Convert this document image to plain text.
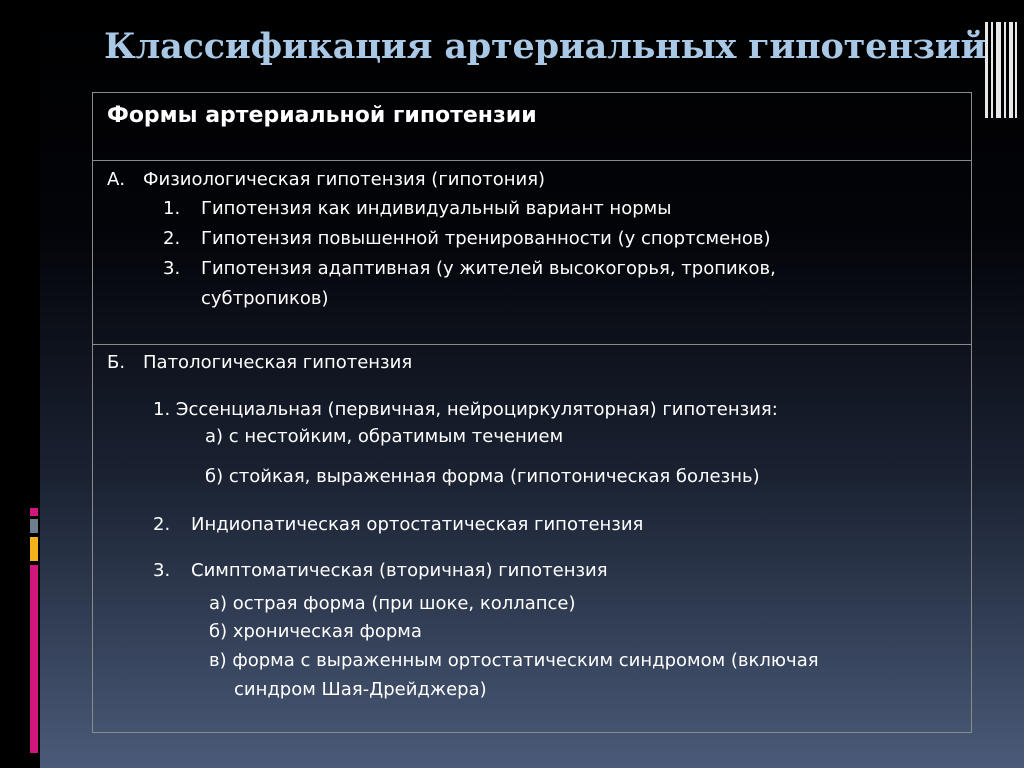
Классификация артериальных гипотензий
Формы артериальной гипотензии
А. Физиологическая гипотензия (гипотония)
1. Гипотензия как индивидуальный вариант нормы
2. Гипотензия повышенной тренированности (у спортсменов)
3. Гипотензия адаптивная (у жителей высокогорья, тропиков,
субтропиков)
Б. Патологическая гипотензия
1. Эссенциальная (первичная, нейроциркуляторная) гипотензия:
а) с нестойким, обратимым течением
б) стойкая, выраженная форма (гипотоническая болезнь)
2. Индиопатическая ортостатическая гипотензия
3. Симптоматическая (вторичная) гипотензия
а) острая форма (при шоке, коллапсе)
б) хроническая форма
в) форма с выраженным ортостатическим синдромом (включая
синдром Шая-Дрейджера)
